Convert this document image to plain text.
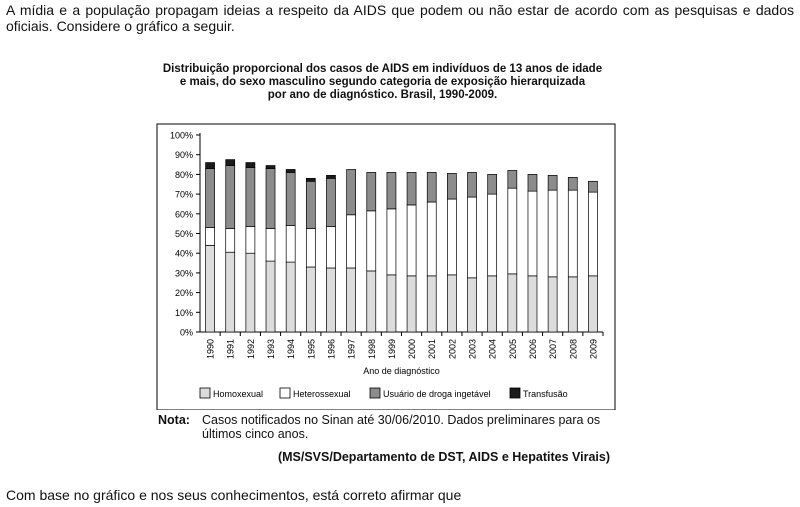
A mídia e a população propagam ideias a respeito da AIDS que podem ou não estar de acordo com as pesquisas e dados oficiais. Considere o gráfico a seguir.
Distribuição proporcional dos casos de AIDS em indivíduos de 13 anos de idade
e mais, do sexo masculino segundo categoria de exposição hierarquizada
por ano de diagnóstico. Brasil, 1990-2009.
0%
10%
20%
30%
40%
50%
60%
70%
80%
90%
100%
1990 1991 1992 1993 1994 1995 1996 1997 1998 1999 2000 2001 2002 2003 2004 2005 2006 2007 2008 2009
Ano de diagnóstico
Homoxexual	Heterossexual	Usuário de droga ingetável	Transfusão
Nota: Casos notificados no Sinan até 30/06/2010. Dados preliminares para os últimos cinco anos.
(MS/SVS/Departamento de DST, AIDS e Hepatites Virais)
Com base no gráfico e nos seus conhecimentos, está correto afirmar que
